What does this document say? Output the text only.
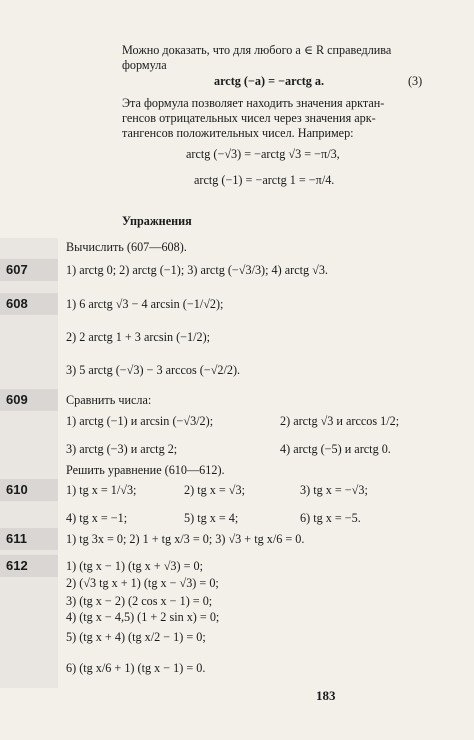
Можно доказать, что для любого a ∈ R справедлива
формула
arctg (−a) = −arctg a.	(3)
Эта формула позволяет находить значения арктан-
генсов отрицательных чисел через значения арк-
тангенсов положительных чисел. Например:
arctg (−√3) = −arctg √3 = −π/3,
arctg (−1) = −arctg 1 = −π/4.
Упражнения
Вычислить (607—608).
607	1) arctg 0; 2) arctg (−1); 3) arctg (−√3/3); 4) arctg √3.
608	1) 6 arctg √3 − 4 arcsin (−1/√2);
2) 2 arctg 1 + 3 arcsin (−1/2);
3) 5 arctg (−√3) − 3 arccos (−√2/2).
609	Сравнить числа:
1) arctg (−1) и arcsin (−√3/2);	2) arctg √3 и arccos 1/2;
3) arctg (−3) и arctg 2;	4) arctg (−5) и arctg 0.
Решить уравнение (610—612).
610	1) tg x = 1/√3;	2) tg x = √3;	3) tg x = −√3;
4) tg x = −1;	5) tg x = 4;	6) tg x = −5.
611	1) tg 3x = 0; 2) 1 + tg x/3 = 0; 3) √3 + tg x/6 = 0.
612	1) (tg x − 1) (tg x + √3) = 0;
2) (√3 tg x + 1) (tg x − √3) = 0;
3) (tg x − 2) (2 cos x − 1) = 0;
4) (tg x − 4,5) (1 + 2 sin x) = 0;
5) (tg x + 4) (tg x/2 − 1) = 0;
6) (tg x/6 + 1) (tg x − 1) = 0.
183
